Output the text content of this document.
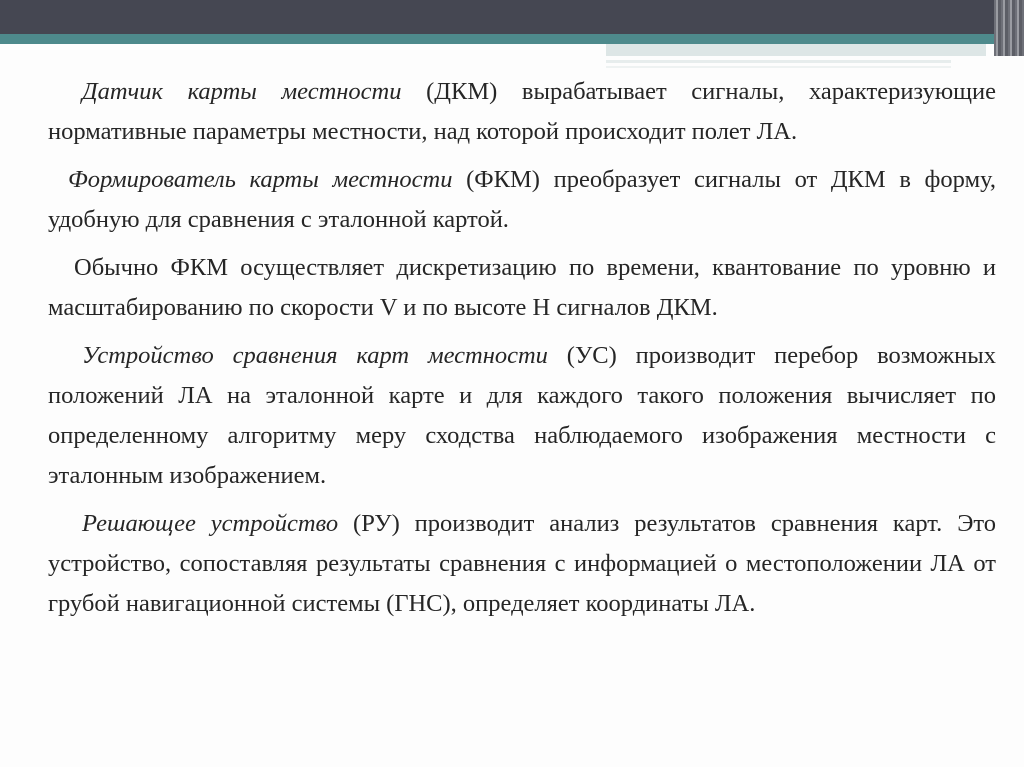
Датчик карты местности (ДКМ) вырабатывает сигналы, характеризующие нормативные параметры местности, над которой происходит полет ЛА.

Формирователь карты местности (ФКМ) преобразует сигналы от ДКМ в форму, удобную для сравнения с эталонной картой.

Обычно ФКМ осуществляет дискретизацию по времени, квантование по уровню и масштабированию по скорости V и по высоте H сигналов ДКМ.

Устройство сравнения карт местности (УС) производит перебор возможных положений ЛА на эталонной карте и для каждого такого положения вычисляет по определенному алгоритму меру сходства наблюдаемого изображения местности с эталонным изображением.

Решающее устройство (РУ) производит анализ результатов сравнения карт. Это устройство, сопоставляя результаты сравнения с информацией о местоположении ЛА от грубой навигационной системы (ГНС), определяет координаты ЛА.
